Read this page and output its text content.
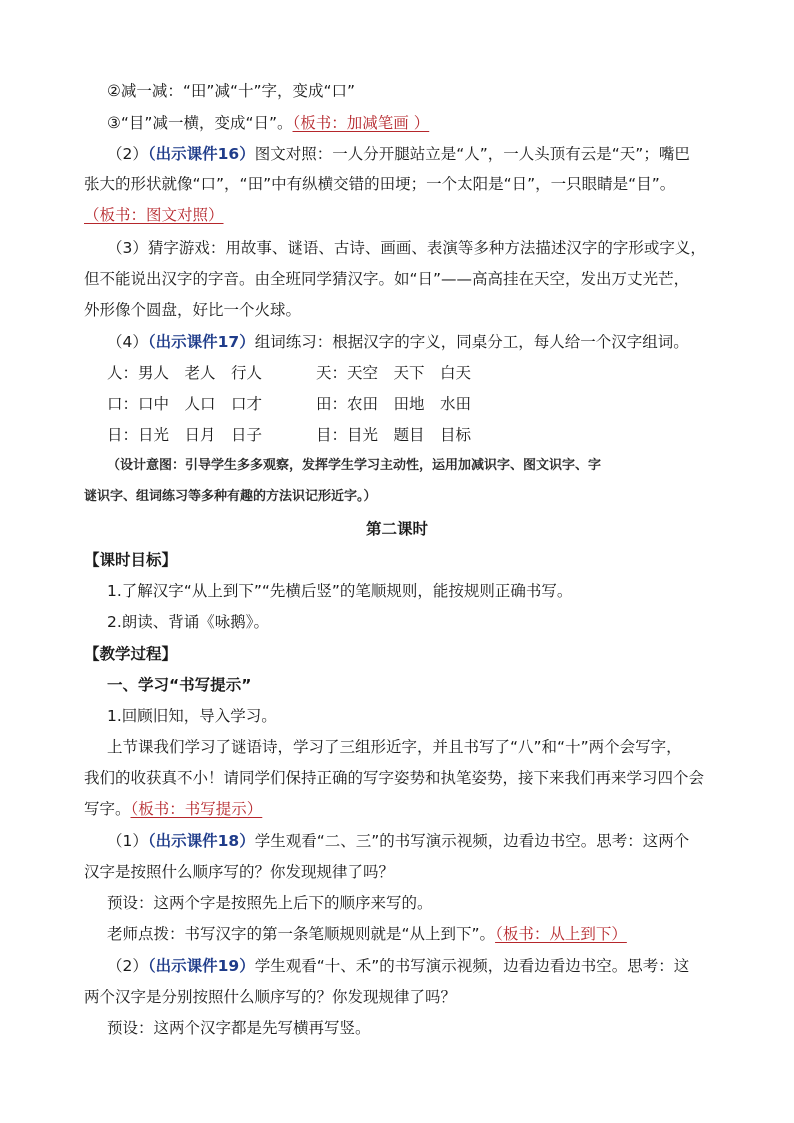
②减一减：“田”减“十”字，变成“口”
③“目”减一横，变成“日”。（板书：加减笔画 ）
（2）（出示课件16）图文对照：一人分开腿站立是“人”，一人头顶有云是“天”；嘴巴
张大的形状就像“口”，“田”中有纵横交错的田埂；一个太阳是“日”，一只眼睛是“目”。
（板书：图文对照）
（3）猜字游戏：用故事、谜语、古诗、画画、表演等多种方法描述汉字的字形或字义，
但不能说出汉字的字音。由全班同学猜汉字。如“日”——高高挂在天空，发出万丈光芒，
外形像个圆盘，好比一个火球。
（4）（出示课件17）组词练习：根据汉字的字义，同桌分工，每人给一个汉字组词。
人：男人　老人　行人	天：天空　天下　白天
口：口中　人口　口才	田：农田　田地　水田
日：日光　日月　日子	目：目光　题目　目标
（设计意图：引导学生多多观察，发挥学生学习主动性，运用加减识字、图文识字、字
谜识字、组词练习等多种有趣的方法识记形近字。）
第二课时
【课时目标】
1.了解汉字“从上到下”“先横后竖”的笔顺规则，能按规则正确书写。
2.朗读、背诵《咏鹅》。
【教学过程】
一、学习“书写提示”
1.回顾旧知，导入学习。
上节课我们学习了谜语诗，学习了三组形近字，并且书写了“八”和“十”两个会写字，
我们的收获真不小！请同学们保持正确的写字姿势和执笔姿势，接下来我们再来学习四个会
写字。（板书：书写提示）
（1）（出示课件18）学生观看“二、三”的书写演示视频，边看边书空。思考：这两个
汉字是按照什么顺序写的？你发现规律了吗？
预设：这两个字是按照先上后下的顺序来写的。
老师点拨：书写汉字的第一条笔顺规则就是“从上到下”。（板书：从上到下）
（2）（出示课件19）学生观看“十、禾”的书写演示视频，边看边看边书空。思考：这
两个汉字是分别按照什么顺序写的？你发现规律了吗？
预设：这两个汉字都是先写横再写竖。
